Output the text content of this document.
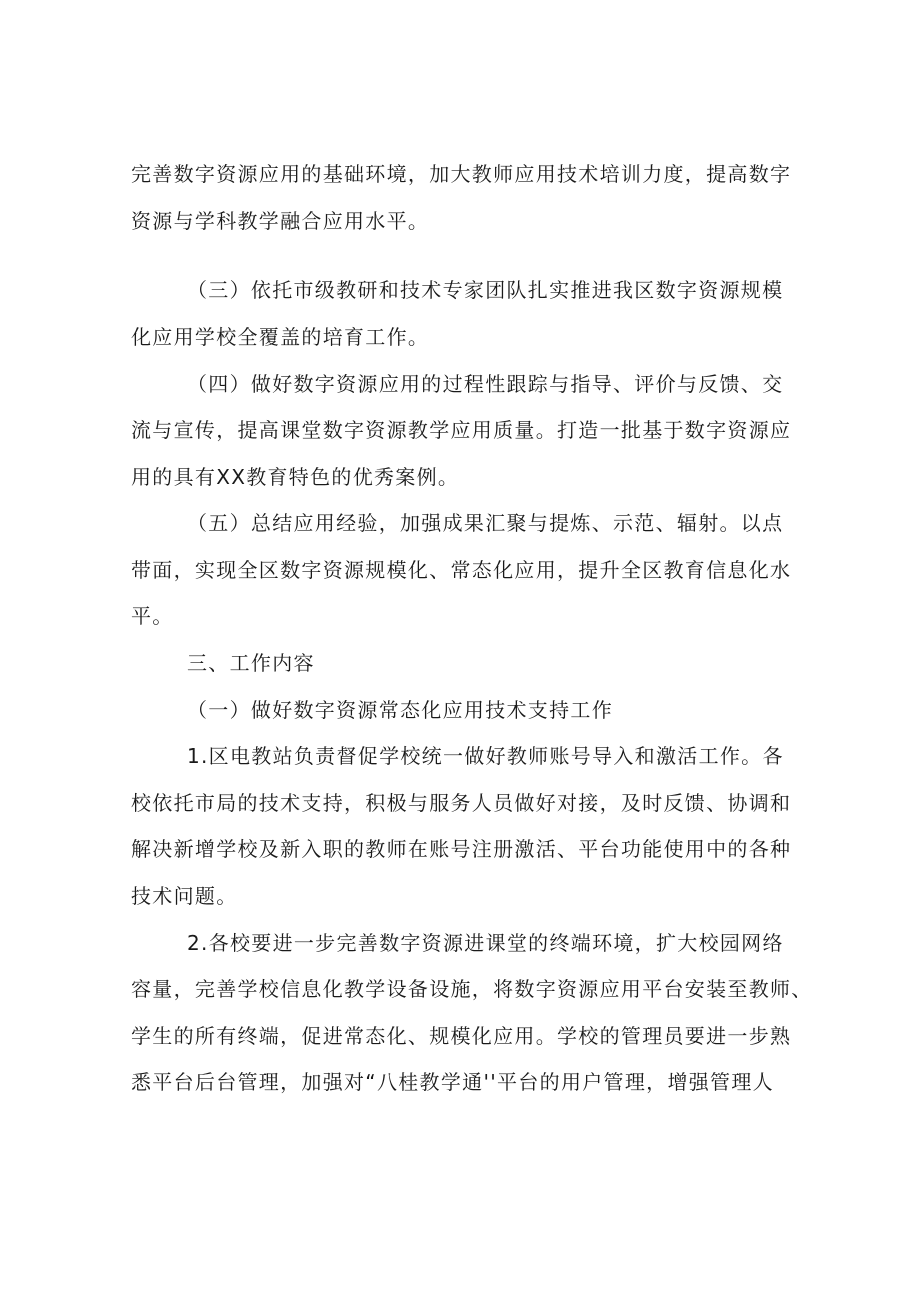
完善数字资源应用的基础环境，加大教师应用技术培训力度，提高数字
资源与学科教学融合应用水平。
（三）依托市级教研和技术专家团队扎实推进我区数字资源规模
化应用学校全覆盖的培育工作。
（四）做好数字资源应用的过程性跟踪与指导、评价与反馈、交
流与宣传，提高课堂数字资源教学应用质量。打造一批基于数字资源应
用的具有XX教育特色的优秀案例。
（五）总结应用经验，加强成果汇聚与提炼、示范、辐射。以点
带面，实现全区数字资源规模化、常态化应用，提升全区教育信息化水
平。
三、工作内容
（一）做好数字资源常态化应用技术支持工作
1.区电教站负责督促学校统一做好教师账号导入和激活工作。各
校依托市局的技术支持，积极与服务人员做好对接，及时反馈、协调和
解决新增学校及新入职的教师在账号注册激活、平台功能使用中的各种
技术问题。
2.各校要进一步完善数字资源进课堂的终端环境，扩大校园网络
容量，完善学校信息化教学设备设施，将数字资源应用平台安装至教师、
学生的所有终端，促进常态化、规模化应用。学校的管理员要进一步熟
悉平台后台管理，加强对“八桂教学通''平台的用户管理，增强管理人
